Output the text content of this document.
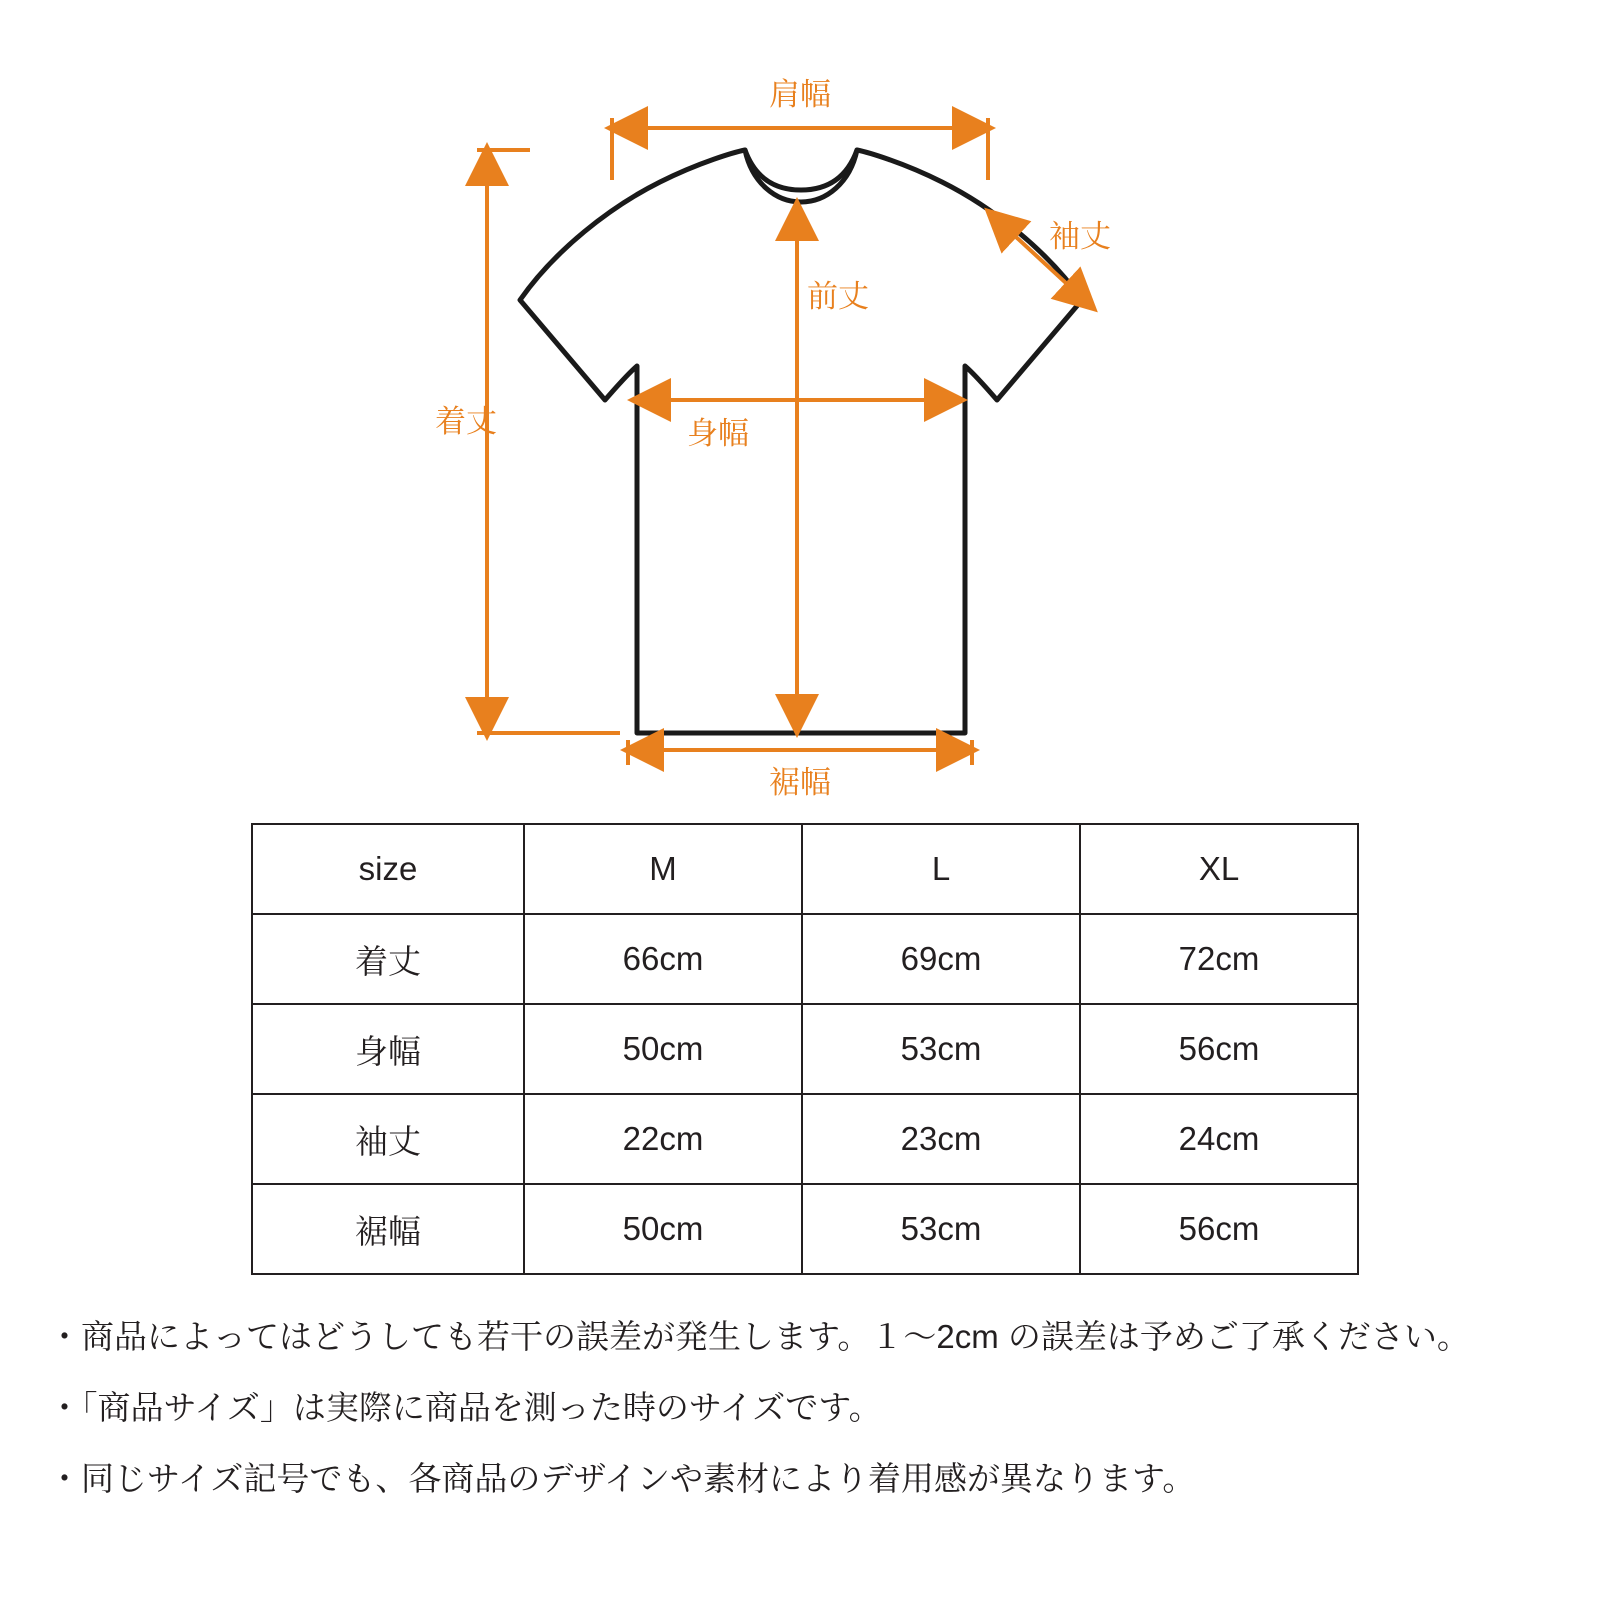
肩幅
袖丈
前丈
着丈	身幅
裾幅
size	M	L	XL
着丈	66cm	69cm	72cm
身幅	50cm	53cm	56cm
袖丈	22cm	23cm	24cm
裾幅	50cm	53cm	56cm
・商品によってはどうしても若干の誤差が発生します。１～2cm の誤差は予めご了承ください。
・「商品サイズ」は実際に商品を測った時のサイズです。
・同じサイズ記号でも、各商品のデザインや素材により着用感が異なります。
